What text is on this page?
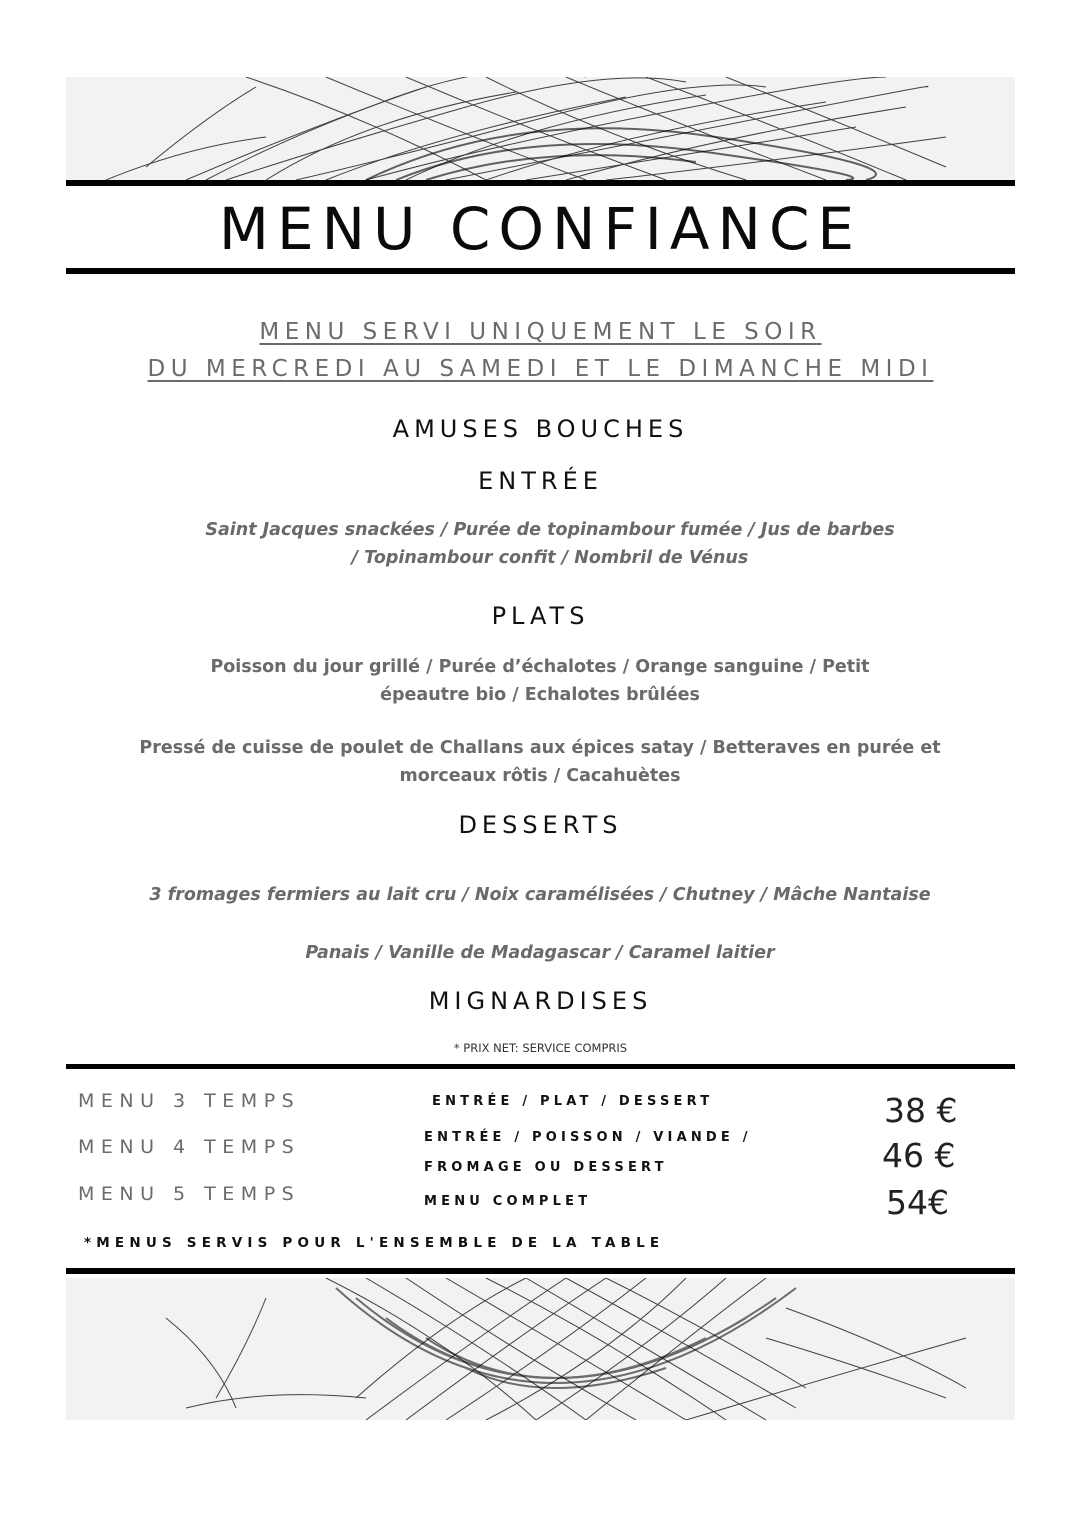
MENU CONFIANCE
MENU SERVI UNIQUEMENT LE SOIR
DU MERCREDI AU SAMEDI ET LE DIMANCHE MIDI
AMUSES BOUCHES
ENTRÉE
Saint Jacques snackées / Purée de topinambour fumée / Jus de barbes / Topinambour confit / Nombril de Vénus
PLATS
Poisson du jour grillé / Purée d’échalotes / Orange sanguine / Petit épeautre bio / Echalotes brûlées
Pressé de cuisse de poulet de Challans aux épices satay / Betteraves en purée et morceaux rôtis / Cacahuètes
DESSERTS
3 fromages fermiers au lait cru / Noix caramélisées / Chutney / Mâche Nantaise
Panais / Vanille de Madagascar / Caramel laitier
MIGNARDISES
* PRIX NET: SERVICE COMPRIS
MENU 3 TEMPS	ENTRÉE / PLAT / DESSERT	38 €
MENU 4 TEMPS	ENTRÉE / POISSON / VIANDE /
FROMAGE OU DESSERT	46 €
MENU 5 TEMPS	MENU COMPLET	54€
*MENUS SERVIS POUR L'ENSEMBLE DE LA TABLE
